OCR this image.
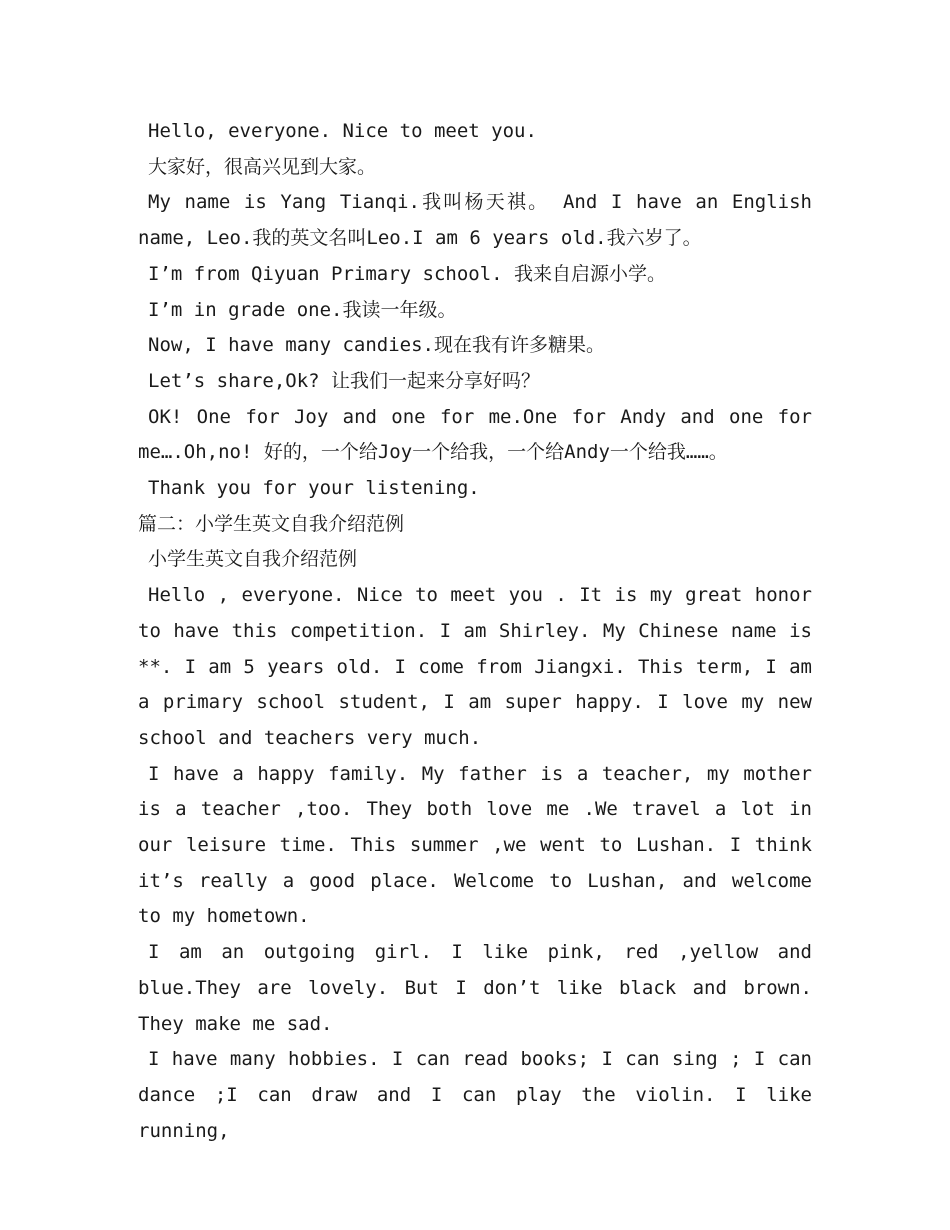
Hello, everyone. Nice to meet you.

大家好，很高兴见到大家。

My name is Yang Tianqi.我叫杨天祺。 And I have an English name, Leo.我的英文名叫Leo.I am 6 years old.我六岁了。

I’m from Qiyuan Primary school. 我来自启源小学。

I’m in grade one.我读一年级。

Now, I have many candies.现在我有许多糖果。

Let’s share,Ok? 让我们一起来分享好吗？

OK! One for Joy and one for me.One for Andy and one for me….Oh,no! 好的，一个给Joy一个给我，一个给Andy一个给我……。

Thank you for your listening.

篇二：小学生英文自我介绍范例

小学生英文自我介绍范例

Hello , everyone. Nice to meet you . It is my great honor to have this competition. I am Shirley. My Chinese name is **. I am 5 years old. I come from Jiangxi. This term, I am a primary school student, I am super happy. I love my new school and teachers very much.

I have a happy family. My father is a teacher, my mother is a teacher ,too. They both love me .We travel a lot in our leisure time. This summer ,we went to Lushan. I think it’s really a good place. Welcome to Lushan, and welcome to my hometown.

I am an outgoing girl. I like pink, red ,yellow and blue.They are lovely. But I don’t like black and brown. They make me sad.

I have many hobbies. I can read books; I can sing ; I can dance ;I can draw and I can play the violin. I like running,
